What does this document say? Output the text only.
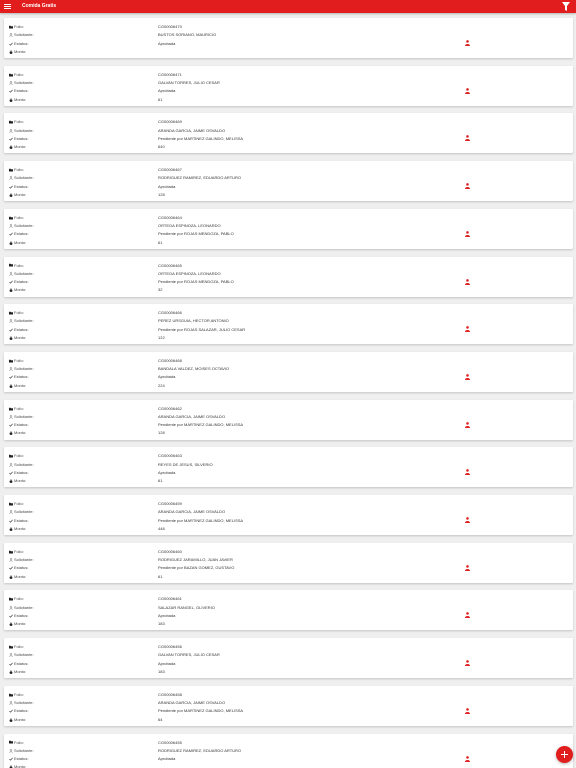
Comida Gratis
Folio:	CG00006470
Solicitante:	BUSTOS SORIANO, MAURICIO
Estatus:	Aprobada
Monto:
Folio:	CG00006471
Solicitante:	GALVAN TORRES, JULIO CESAR
Estatus:	Aprobada
Monto:	61
Folio:	CG00006469
Solicitante:	ARANDA GARCIA, JAIME OSVALDO
Estatus:	Pendiente por MARTINEZ GALINDO, MELISSA
Monto:	640
Folio:	CG00006467
Solicitante:	RODRIGUEZ RAMIREZ, EDUARDO ARTURO
Estatus:	Aprobada
Monto:	128
Folio:	CG00006464
Solicitante:	ORTEGA ESPINOZA, LEONARDO
Estatus:	Pendiente por ROJAS MENDOZA, PABLO
Monto:	61
Folio:	CG00006465
Solicitante:	ORTEGA ESPINOZA, LEONARDO
Estatus:	Pendiente por ROJAS MENDOZA, PABLO
Monto:	32
Folio:	CG00006466
Solicitante:	PEREZ URSGUIA, HECTOR ANTONIO
Estatus:	Pendiente por ROJAS SALAZAR, JULIO CESAR
Monto:	122
Folio:	CG00006468
Solicitante:	BANDALA VALDEZ, MOISES OCTAVIO
Estatus:	Aprobada
Monto:	224
Folio:	CG00006462
Solicitante:	ARANDA GARCIA, JAIME OSVALDO
Estatus:	Pendiente por MARTINEZ GALINDO, MELISSA
Monto:	128
Folio:	CG00006463
Solicitante:	REYES DE JESUS, SILVERIO
Estatus:	Aprobada
Monto:	61
Folio:	CG00006459
Solicitante:	ARANDA GARCIA, JAIME OSVALDO
Estatus:	Pendiente por MARTINEZ GALINDO, MELISSA
Monto:	448
Folio:	CG00006460
Solicitante:	RODRIGUEZ JARAMILLO, JUAN JAVIER
Estatus:	Pendiente por BAZAN GOMEZ, GUSTAVO
Monto:	61
Folio:	CG00006461
Solicitante:	SALAZAR RANGEL, OLIVERIO
Estatus:	Aprobada
Monto:	183
Folio:	CG00006456
Solicitante:	GALVAN TORRES, JULIO CESAR
Estatus:	Aprobada
Monto:	183
Folio:	CG00006458
Solicitante:	ARANDA GARCIA, JAIME OSVALDO
Estatus:	Pendiente por MARTINEZ GALINDO, MELISSA
Monto:	64
Folio:	CG00006455
Solicitante:	RODRIGUEZ RAMIREZ, EDUARDO ARTURO
Estatus:	Aprobada
Monto:
